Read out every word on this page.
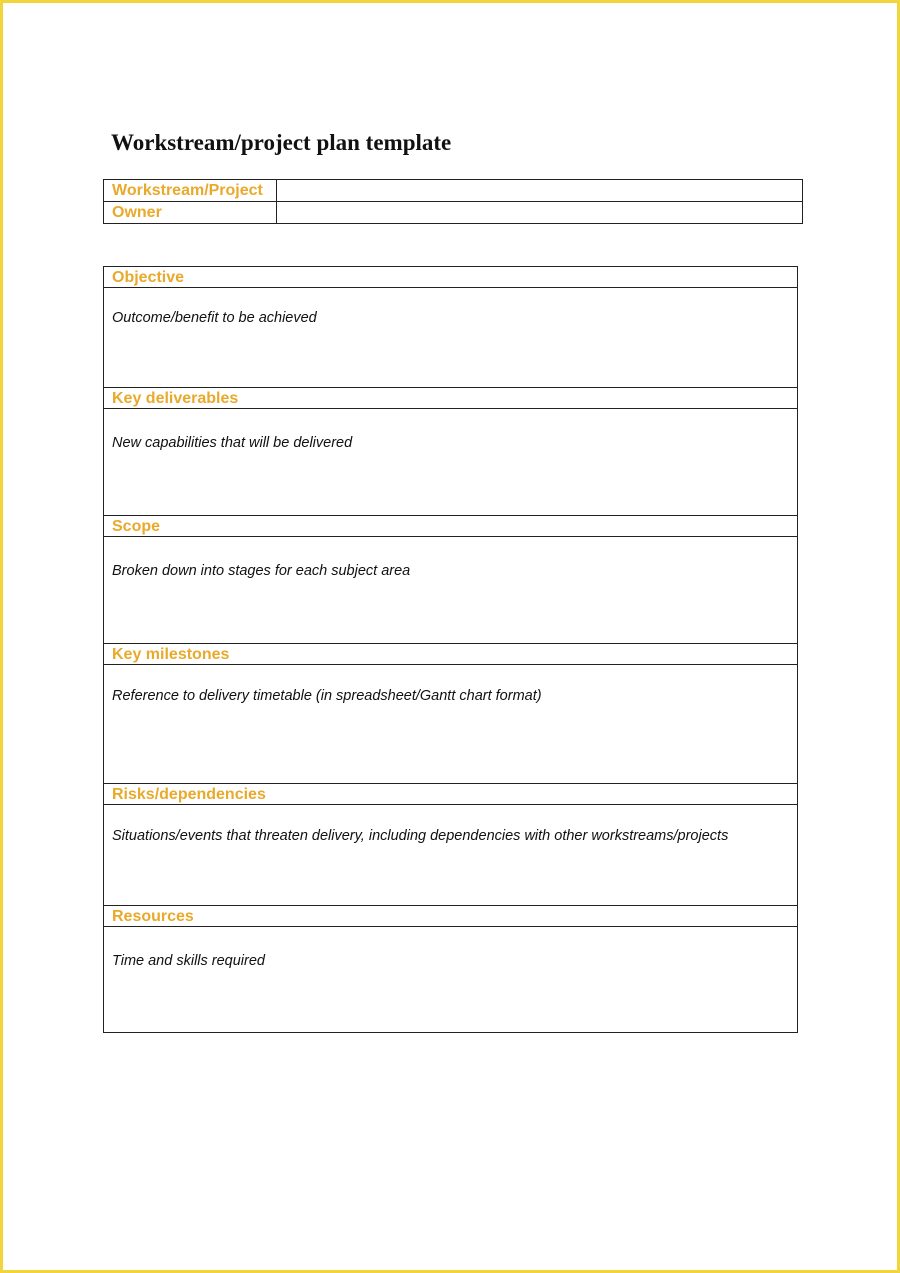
Workstream/project plan template
Workstream/Project	
Owner	
Objective
Outcome/benefit to be achieved
Key deliverables
New capabilities that will be delivered
Scope
Broken down into stages for each subject area
Key milestones
Reference to delivery timetable (in spreadsheet/Gantt chart format)
Risks/dependencies
Situations/events that threaten delivery, including dependencies with other workstreams/projects
Resources
Time and skills required
